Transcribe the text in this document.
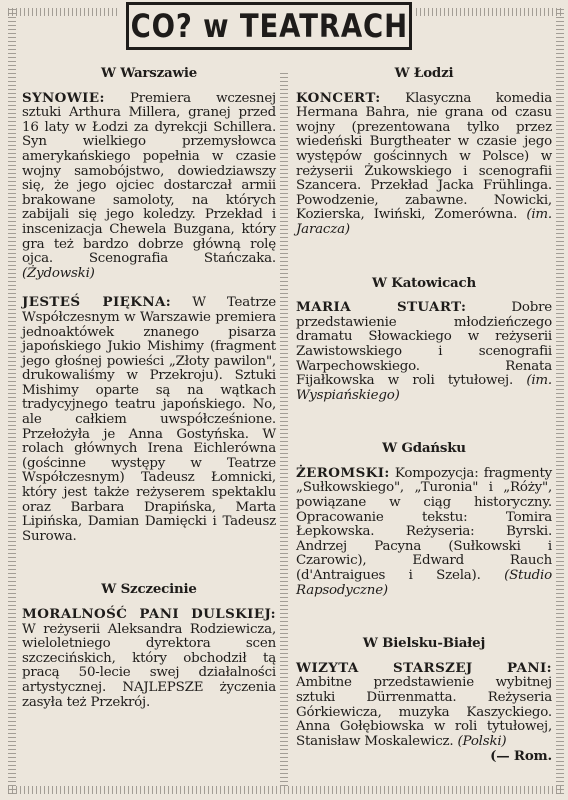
CO? w TEATRACH
W Warszawie

SYNOWIE: Premiera wczesnej sztuki Arthura Millera, granej przed 16 laty w Łodzi za dyrekcji Schillera. Syn wielkiego przemysłowca amerykańskiego popełnia w czasie wojny samobójstwo, dowiedziawszy się, że jego ojciec dostarczał armii brakowane samoloty, na których zabijali się jego koledzy. Przekład i inscenizacja Chewela Buzgana, który gra też bardzo dobrze główną rolę ojca. Scenografia Stańczaka. (Żydowski)

JESTEŚ PIĘKNA: W Teatrze Współczesnym w Warszawie premiera jednoaktówek znanego pisarza japońskiego Jukio Mishimy (fragment jego głośnej powieści „Złoty pawilon", drukowaliśmy w Przekroju). Sztuki Mishimy oparte są na wątkach tradycyjnego teatru japońskiego. No, ale całkiem uwspółcześnione. Przełożyła je Anna Gostyńska. W rolach głównych Irena Eichlerówna (gościnne występy w Teatrze Współczesnym) Tadeusz Łomnicki, który jest także reżyserem spektaklu oraz Barbara Drapińska, Marta Lipińska, Damian Damięcki i Tadeusz Surowa.

W Szczecinie

MORALNOŚĆ PANI DULSKIEJ: W reżyserii Aleksandra Rodziewicza, wieloletniego dyrektora scen szczecińskich, który obchodził tą pracą 50-lecie swej działalności artystycznej. NAJLEPSZE życzenia zasyła też Przekrój.

W Łodzi

KONCERT: Klasyczna komedia Hermana Bahra, nie grana od czasu wojny (prezentowana tylko przez wiedeński Burgtheater w czasie jego występów gościnnych w Polsce) w reżyserii Żukowskiego i scenografii Szancera. Przekład Jacka Frühlinga. Powodzenie, zabawne. Nowicki, Kozierska, Iwiński, Zomerówna. (im. Jaracza)

W Katowicach

MARIA STUART:	Dobre przedstawienie młodzieńczego dramatu Słowackiego w reżyserii Zawistowskiego i scenografii Warpechowskiego. Renata Fijałkowska w roli tytułowej. (im. Wyspiańskiego)

W Gdańsku

ŻEROMSKI: Kompozycja: fragmenty „Sułkowskiego", „Turonia" i „Róży", powiązane w ciąg historyczny. Opracowanie tekstu: Tomira Łepkowska. Reżyseria: Byrski. Andrzej Pacyna (Sułkowski i Czarowic), Edward Rauch (d'Antraigues i Szela). (Studio Rapsodyczne)

W Bielsku-Białej

WIZYTA STARSZEJ PANI: Ambitne przedstawienie wybitnej sztuki Dürrenmatta. Reżyseria Górkiewicza, muzyka Kaszyckiego. Anna Gołębiowska w roli tytułowej, Stanisław Moskalewicz. (Polski)

(— Rom.
